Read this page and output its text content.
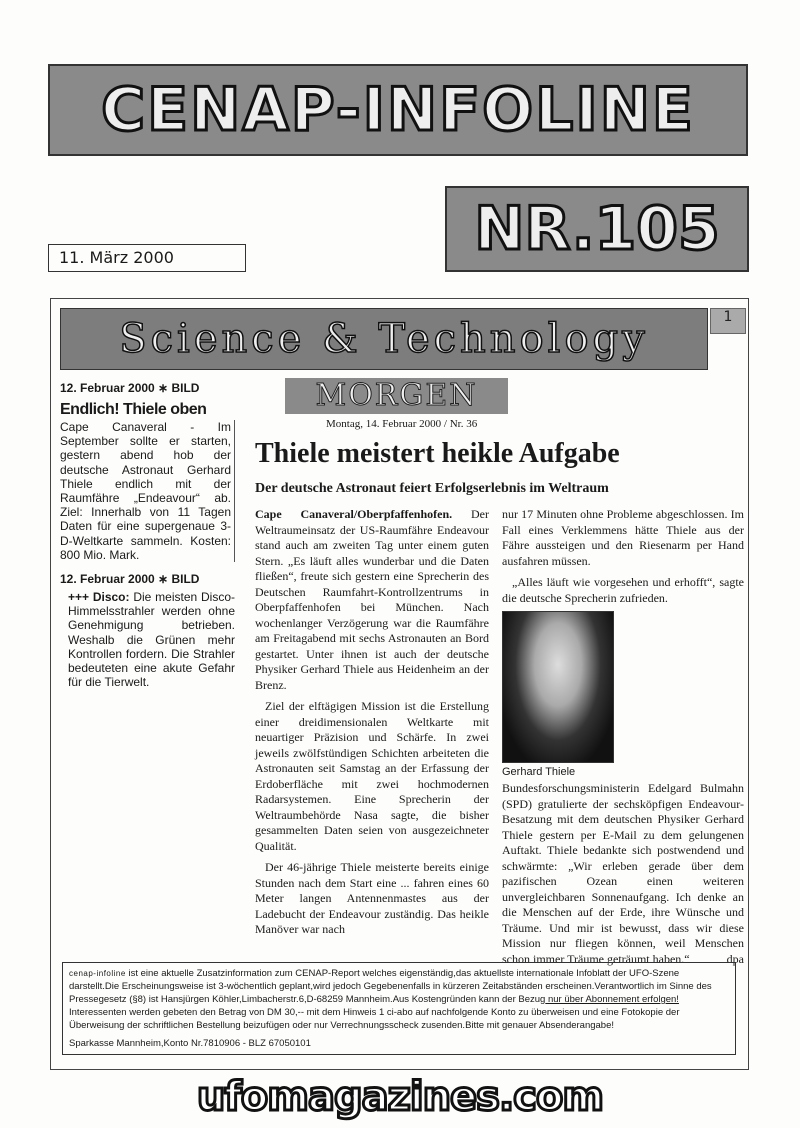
CENAP-INFOLINE
NR.105
11. März 2000
Science & Technology	1
12. Februar 2000 ∗ BILD
Endlich! Thiele oben
Cape Canaveral - Im September sollte er starten, gestern abend hob der deutsche Astronaut Gerhard Thiele endlich mit der Raumfähre „Endeavour“ ab. Ziel: Innerhalb von 11 Tagen Daten für eine supergenaue 3-D-Weltkarte sammeln. Kosten: 800 Mio. Mark.
12. Februar 2000 ∗ BILD
+++ Disco: Die meisten Disco-Himmelsstrahler werden ohne Genehmigung betrieben. Weshalb die Grünen mehr Kontrollen fordern. Die Strahler bedeuteten eine akute Gefahr für die Tierwelt.
MORGEN
Montag, 14. Februar 2000 / Nr. 36
Thiele meistert heikle Aufgabe
Der deutsche Astronaut feiert Erfolgserlebnis im Weltraum

Cape Canaveral/Oberpfaffenhofen. Der Weltraumeinsatz der US-Raumfähre Endeavour stand auch am zweiten Tag unter einem guten Stern. „Es läuft alles wunderbar und die Daten fließen“, freute sich gestern eine Sprecherin des Deutschen Raumfahrt-Kontrollzentrums in Oberpfaffenhofen bei München. Nach wochenlanger Verzögerung war die Raumfähre am Freitagabend mit sechs Astronauten an Bord gestartet. Unter ihnen ist auch der deutsche Physiker Gerhard Thiele aus Heidenheim an der Brenz.

Ziel der elftägigen Mission ist die Erstellung einer dreidimensionalen Weltkarte mit neuartiger Präzision und Schärfe. In zwei jeweils zwölfstündigen Schichten arbeiteten die Astronauten seit Samstag an der Erfassung der Erdoberfläche mit zwei hochmodernen Radarsystemen. Eine Sprecherin der Weltraumbehörde Nasa sagte, die bisher gesammelten Daten seien von ausgezeichneter Qualität.

Der 46-jährige Thiele meisterte bereits einige Stunden nach dem Start eine ... fahren eines 60 Meter langen Antennenmastes aus der Ladebucht der Endeavour zuständig. Das heikle Manöver war nach

nur 17 Minuten ohne Probleme abgeschlossen. Im Fall eines Verklemmens hätte Thiele aus der Fähre aussteigen und den Riesenarm per Hand ausfahren müssen.

„Alles läuft wie vorgesehen und erhofft“, sagte die deutsche Sprecherin zufrieden.

Gerhard Thiele
Bundesforschungsministerin Edelgard Bulmahn (SPD) gratulierte der sechsköpfigen Endeavour-Besatzung mit dem deutschen Physiker Gerhard Thiele gestern per E-Mail zu dem gelungenen Auftakt. Thiele bedankte sich postwendend und schwärmte: „Wir erleben gerade über dem pazifischen Ozean einen weiteren unvergleichbaren Sonnenaufgang. Ich denke an die Menschen auf der Erde, ihre Wünsche und Träume. Und mir ist bewusst, dass wir diese Mission nur fliegen können, weil Menschen schon immer Träume geträumt haben.“	dpa
cenap-infoline ist eine aktuelle Zusatzinformation zum CENAP-Report welches eigenständig,das aktuellste internationale Infoblatt der UFO-Szene darstellt.Die Erscheinungsweise ist 3-wöchentlich geplant,wird jedoch Gegebenenfalls in kürzeren Zeitabständen erscheinen.Verantwortlich im Sinne des Pressegesetz (§8) ist Hansjürgen Köhler,Limbacherstr.6,D-68259 Mannheim.Aus Kostengründen kann der Bezug nur über Abonnement erfolgen! Interessenten werden gebeten den Betrag von DM 30,-- mit dem Hinweis 1 ci-abo auf nachfolgende Konto zu überweisen und eine Fotokopie der Überweisung der schriftlichen Bestellung beizufügen oder nur Verrechnungsscheck zusenden.Bitte mit genauer Absenderangabe!
Sparkasse Mannheim,Konto Nr.7810906 - BLZ 67050101
ufomagazines.com
